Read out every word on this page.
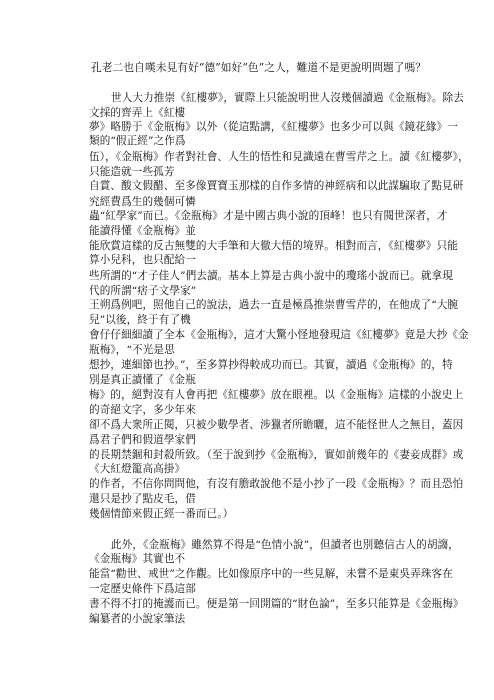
孔老二也自嘆未見有好“德”如好“色”之人，難道不是更說明問題了嗎？
世人大力推崇《紅樓夢》，實際上只能說明世人沒幾個讀過《金瓶梅》。除去
文採的齊弄上《紅樓
夢》略勝于《金瓶梅》以外（從這點講，《紅樓夢》也多少可以與《鏡花緣》一
類的“假正經”之作爲
伍），《金瓶梅》作者對社會、人生的悟性和見識遠在曹雪芹之上。讀《紅樓夢》，
只能造就一些孤芳
自賞、酸文假醋、至多像賈寶玉那樣的自作多情的神經病和以此謀騙取了點見研
究經費爲生的幾個可憐
蟲“紅學家”而已。《金瓶梅》才是中國古典小說的頂峰！也只有閱世深者，才
能讀得懂《金瓶梅》並
能欣賞這樣的反古無雙的大手筆和大徹大悟的境界。相對而言，《紅樓夢》只能
算小兒科，也只配給一
些所謂的“才子佳人”們去讀。基本上算是古典小說中的瓊瑤小說而已。就拿現
代的所謂“痞子文學家”
王朔爲例吧，照他自己的說法，過去一直是極爲推崇曹雪芹的，在他成了“大腕
兒”以後，終于有了機
會仔仔細細讀了全本《金瓶梅》，這才大驚小怪地發現這《紅樓夢》竟是大抄《金
瓶梅》，“不光是思
想抄，連細節也抄。”，至多算抄得較成功而已。其實，讀過《金瓶梅》的，特
別是真正讀懂了《金瓶
梅》的，絕對沒有人會再把《紅樓夢》放在眼裡。以《金瓶梅》這樣的小說史上
的奇絕文字，多少年來
卻不爲大衆所正閱，只被少數學者、涉獵者所瞻曬，這不能怪世人之無目，蓋因
爲君子們和假道學家們
的長期禁錮和封殺所致。（至于說到抄《金瓶梅》，實如前幾年的《妻妾成群》或
《大紅燈籠高高掛》
的作者，不信你問問他，有沒有膽敢說他不是小抄了一段《金瓶梅》？而且恐怕
還只是抄了點皮毛，借
幾個情節來假正經一番而已。）
此外，《金瓶梅》雖然算不得是“色情小說”，但讀者也別聽信古人的胡謅，
《金瓶梅》其實也不
能當“勸世、戒世”之作觀。比如像原序中的一些見解，未嘗不是東吳弄珠客在
一定歷史條件下爲這部
書不得不打的掩護而已。便是第一回開篇的“財色論”，至多只能算是《金瓶梅》
編纂者的小說家筆法
